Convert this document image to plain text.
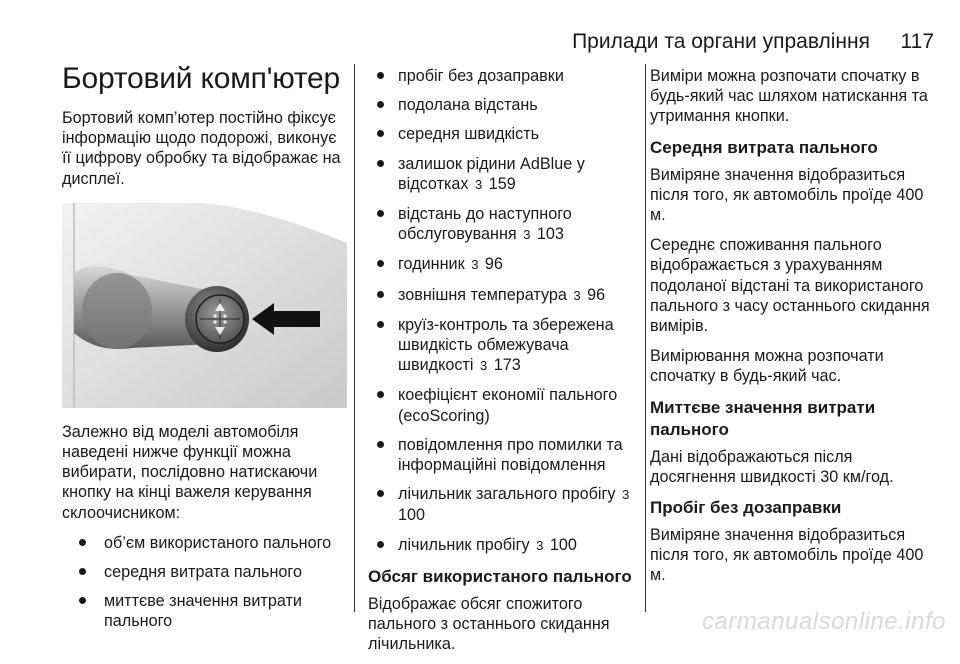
Прилади та органи управління 117
Бортовий комп'ютер

Бортовий комп’ютер постійно фіксує інформацію щодо подорожі, виконує її цифрову обробку та відображає на дисплеї.

Залежно від моделі автомобіля наведені нижче функції можна вибирати, послідовно натискаючи кнопку на кінці важеля керування склоочисником:

об’єм використаного пального
середня витрата пального
миттєве значення витрати пального
пробіг без дозаправки
подолана відстань
середня швидкість
залишок рідини AdBlue у відсотках 3 159
відстань до наступного обслуговування 3 103
годинник 3 96
зовнішня температура 3 96
круїз-контроль та збережена швидкість обмежувача швидкості 3 173
коефіцієнт економії пального (ecoScoring)
повідомлення про помилки та інформаційні повідомлення
лічильник загального пробігу 3 100
лічильник пробігу 3 100
Обсяг використаного пального

Відображає обсяг спожитого пального з останнього скидання лічильника.

Виміри можна розпочати спочатку в будь-який час шляхом натискання та утримання кнопки.

Середня витрата пального

Виміряне значення відобразиться після того, як автомобіль проїде 400 м.

Середнє споживання пального відображається з урахуванням подоланої відстані та використаного пального з часу останнього скидання вимірів.

Вимірювання можна розпочати спочатку в будь-який час.

Миттєве значення витрати пального

Дані відображаються після досягнення швидкості 30 км/год.

Пробіг без дозаправки

Виміряне значення відобразиться після того, як автомобіль проїде 400 м.

carmanualsonline.info
